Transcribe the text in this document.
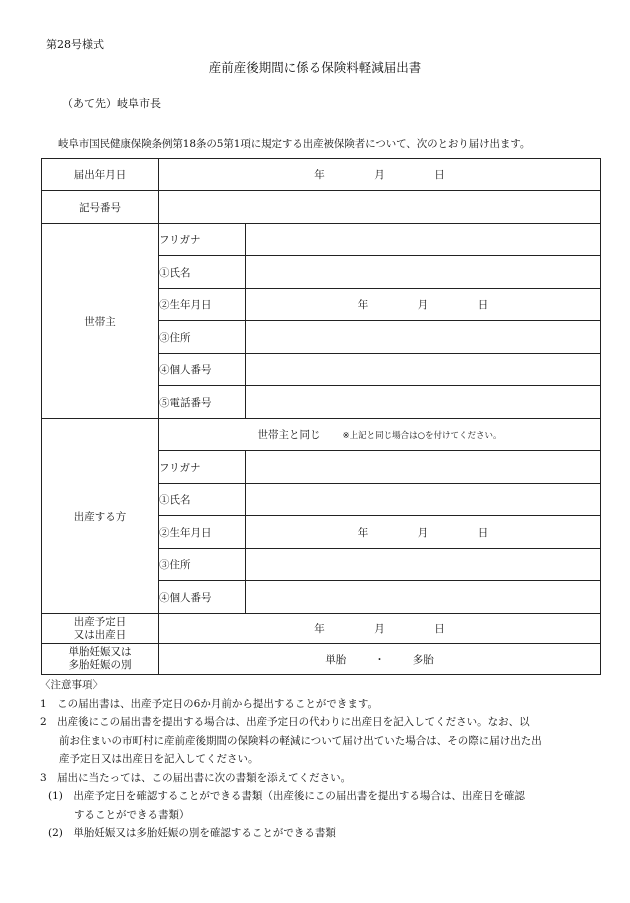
第28号様式
産前産後期間に係る保険料軽減届出書
（あて先）岐阜市長
岐阜市国民健康保険条例第18条の5第1項に規定する出産被保険者について、次のとおり届け出ます。
届出年月日	年 月 日	
記号番号		
世帯主	フリガナ	
	①氏名	
	②生年月日	年 月 日
	③住所	
	④個人番号	
	⑤電話番号	
出産する方	世帯主と同じ ※上記と同じ場合は○を付けてください。	
	フリガナ	
	①氏名	
	②生年月日	年 月 日
	③住所	
	④個人番号	

出産予定日
又は出産日	年 月 日	

単胎妊娠又は
多胎妊娠の別	単胎 ・ 多胎	
〈注意事項〉
1　この届出書は、出産予定日の6か月前から提出することができます。
2　出産後にこの届出書を提出する場合は、出産予定日の代わりに出産日を記入してください。なお、以
前お住まいの市町村に産前産後期間の保険料の軽減について届け出ていた場合は、その際に届け出た出
産予定日又は出産日を記入してください。
3　届出に当たっては、この届出書に次の書類を添えてください。
(1)　出産予定日を確認することができる書類（出産後にこの届出書を提出する場合は、出産日を確認
することができる書類）
(2)　単胎妊娠又は多胎妊娠の別を確認することができる書類
